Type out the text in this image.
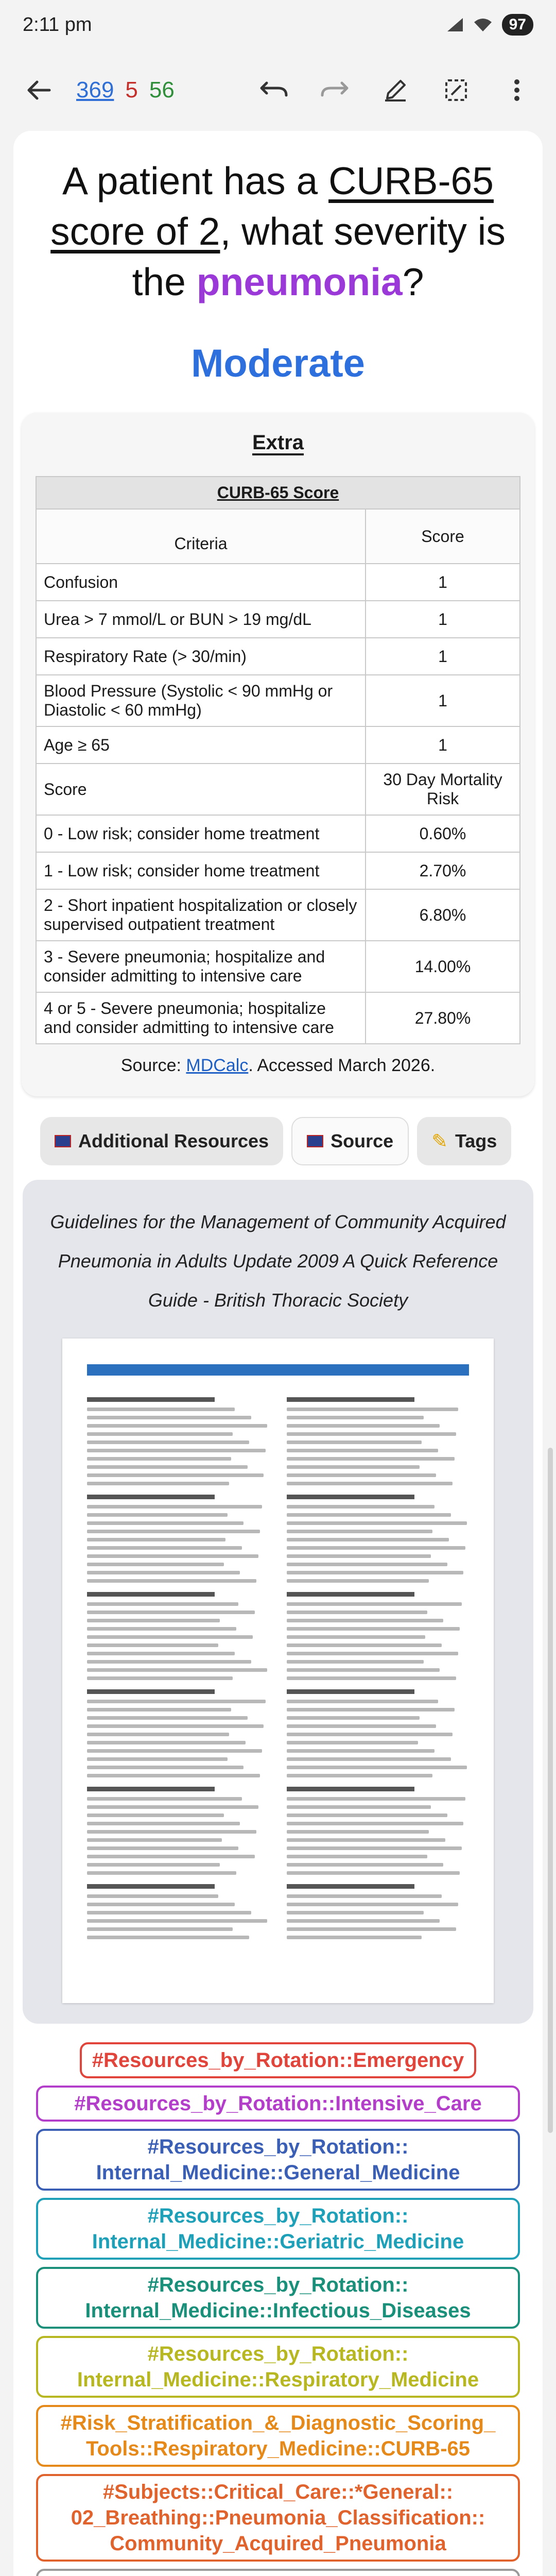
2:11 pm	97
369 5 56
A patient has a CURB-65 score of 2, what severity is the pneumonia?
Moderate
Extra
CURB-65 Score	
Criteria	Score
Confusion	1
Urea > 7 mmol/L or BUN > 19 mg/dL	1
Respiratory Rate (> 30/min)	1
Blood Pressure (Systolic < 90 mmHg or Diastolic < 60 mmHg)	1
Age ≥ 65	1
Score	30 Day Mortality Risk
0 - Low risk; consider home treatment	0.60%
1 - Low risk; consider home treatment	2.70%
2 - Short inpatient hospitalization or closely supervised outpatient treatment	6.80%
3 - Severe pneumonia; hospitalize and consider admitting to intensive care	14.00%
4 or 5 - Severe pneumonia; hospitalize and consider admitting to intensive care	27.80%
Source: MDCalc. Accessed March 2026.
Additional Resources	Source ✎ Tags
Guidelines for the Management of Community Acquired Pneumonia in Adults Update 2009 A Quick Reference Guide - British Thoracic Society
#Resources_by_Rotation::Emergency
#Resources_by_Rotation::Intensive_Care
#Resources_by_Rotation:: Internal_Medicine::General_Medicine
#Resources_by_Rotation:: Internal_Medicine::Geriatric_Medicine
#Resources_by_Rotation:: Internal_Medicine::Infectious_Diseases
#Resources_by_Rotation:: Internal_Medicine::Respiratory_Medicine
#Risk_Stratification_&_Diagnostic_Scoring_ Tools::Respiratory_Medicine::CURB-65
#Subjects::Critical_Care::*General:: 02_Breathing::Pneumonia_Classification:: Community_Acquired_Pneumonia
